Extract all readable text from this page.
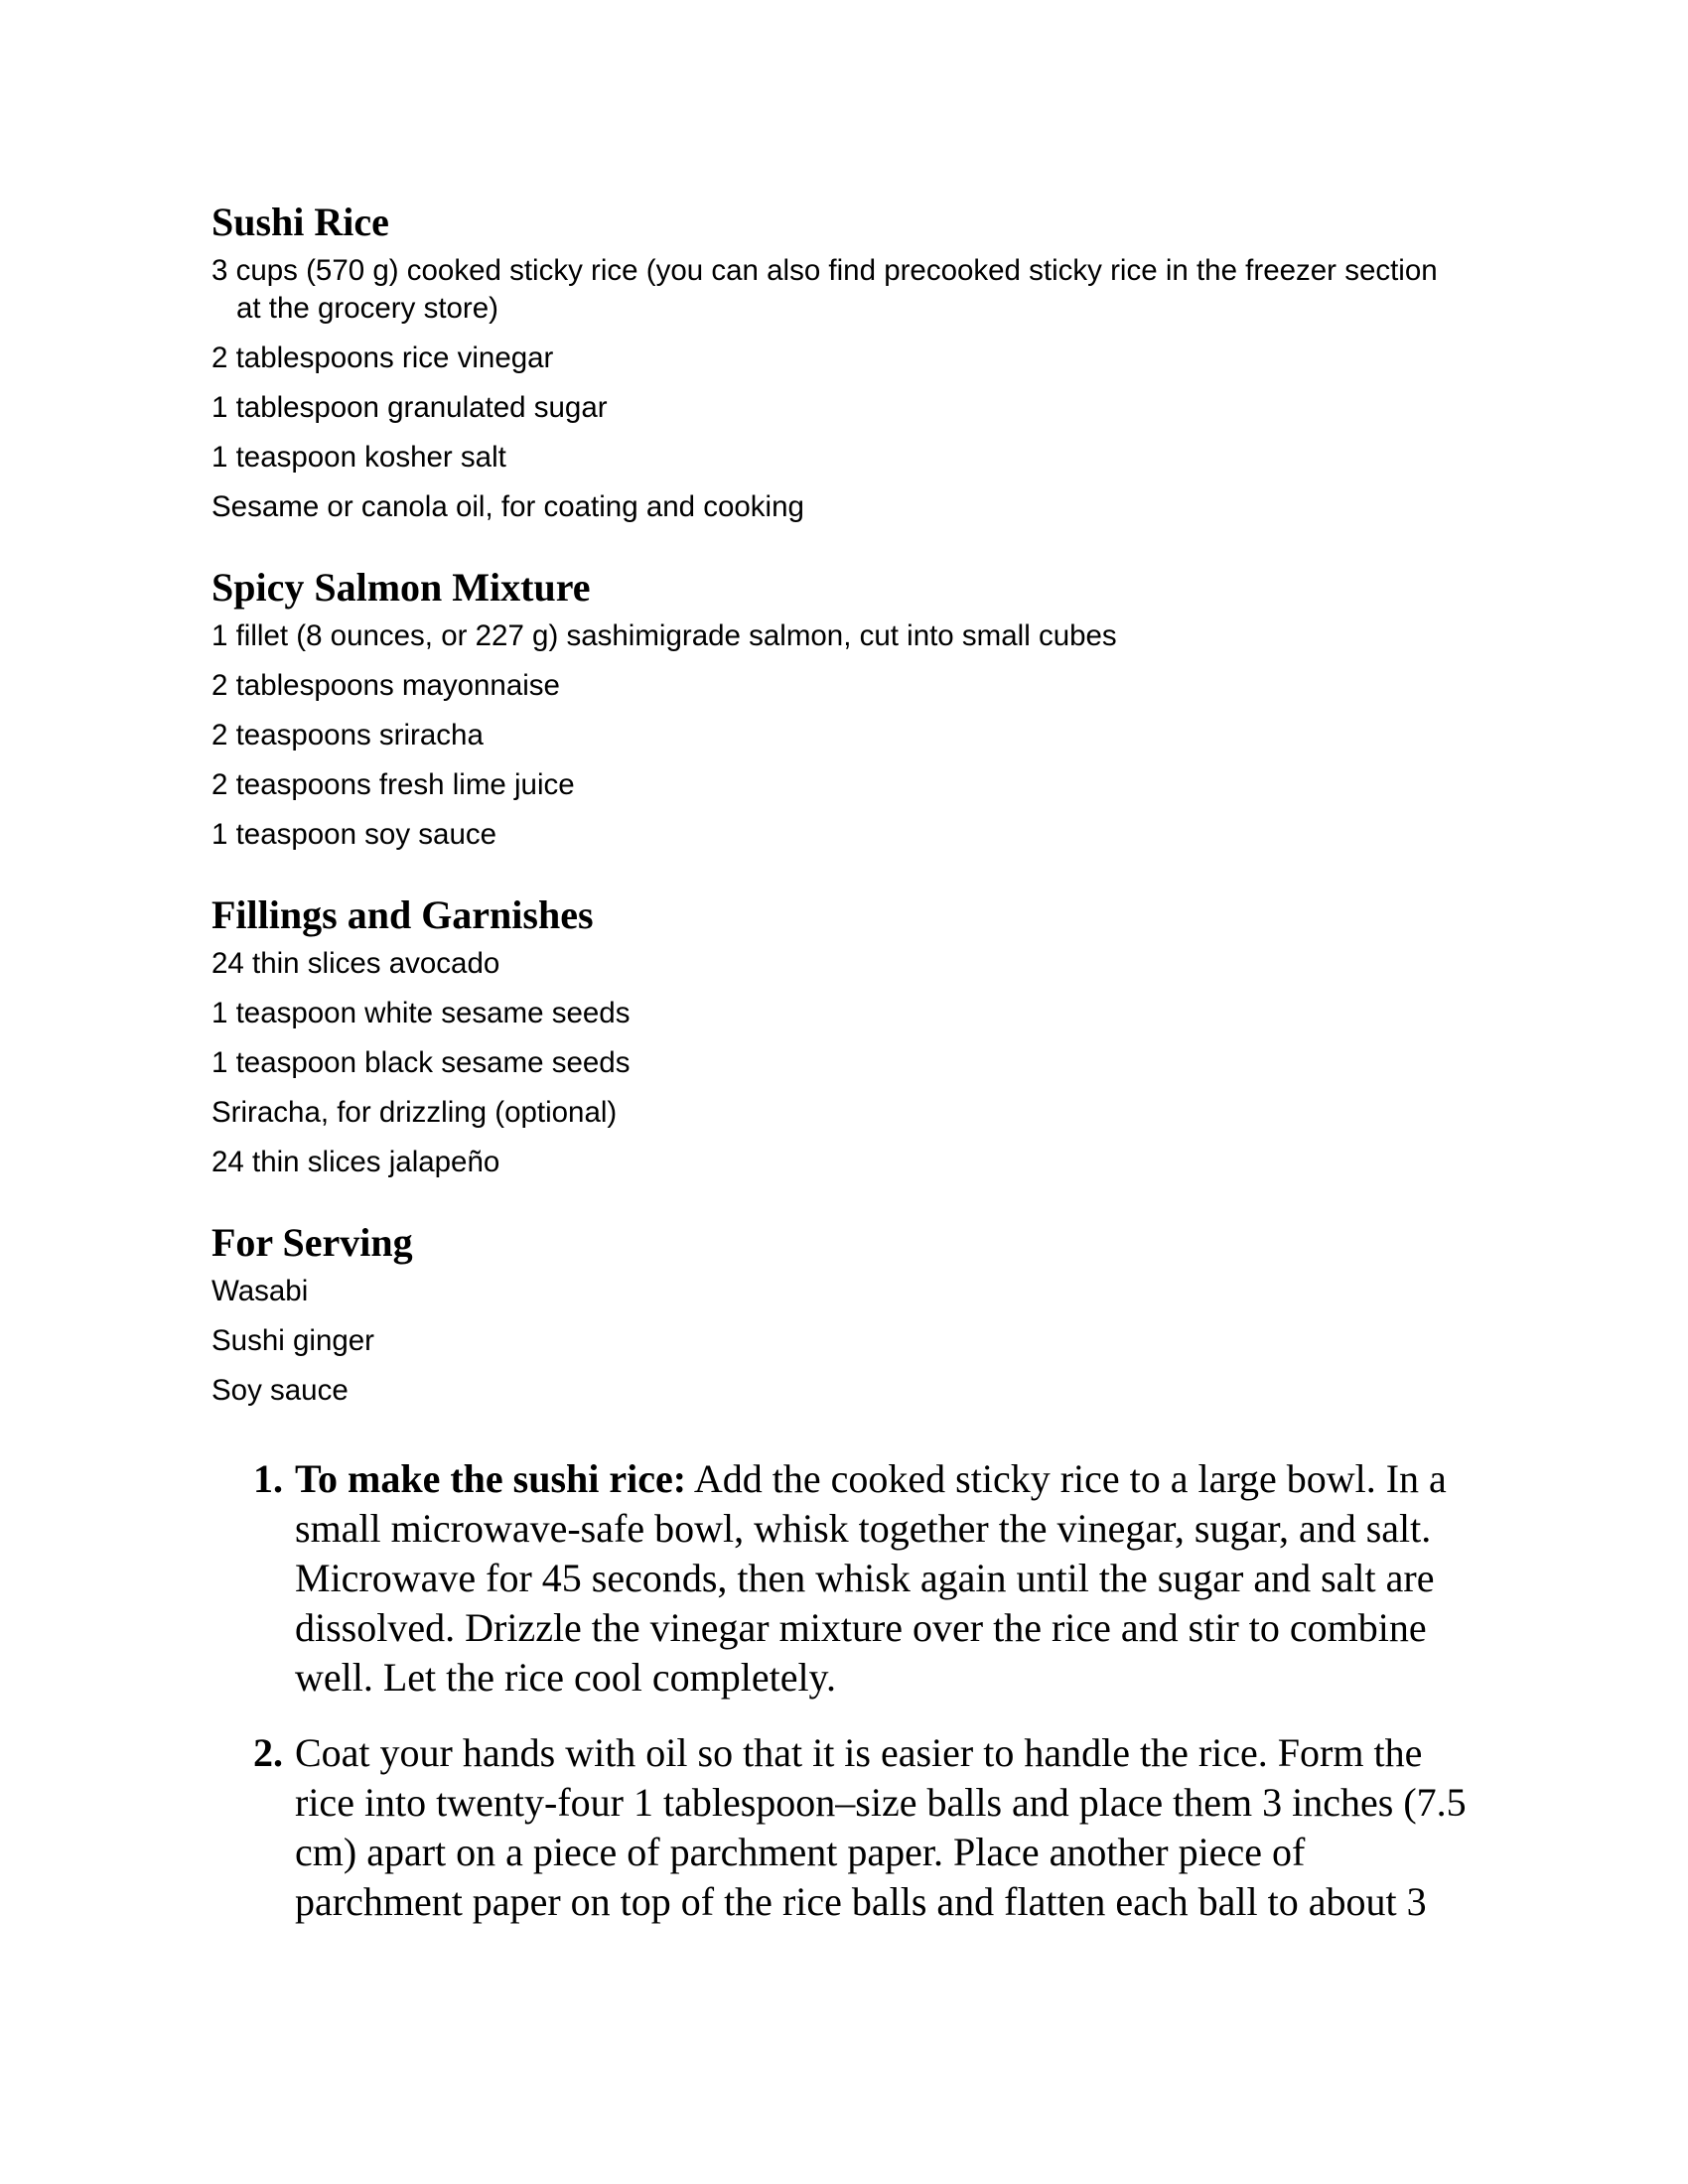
Sushi Rice

3 cups (570 g) cooked sticky rice (you can also find precooked sticky rice in the freezer section at the grocery store)

2 tablespoons rice vinegar

1 tablespoon granulated sugar

1 teaspoon kosher salt

Sesame or canola oil, for coating and cooking

Spicy Salmon Mixture

1 fillet (8 ounces, or 227 g) sashimigrade salmon, cut into small cubes

2 tablespoons mayonnaise

2 teaspoons sriracha

2 teaspoons fresh lime juice

1 teaspoon soy sauce

Fillings and Garnishes

24 thin slices avocado

1 teaspoon white sesame seeds

1 teaspoon black sesame seeds

Sriracha, for drizzling (optional)

24 thin slices jalapeño

For Serving

Wasabi

Sushi ginger

Soy sauce

1. To make the sushi rice: Add the cooked sticky rice to a large bowl. In a small microwave-safe bowl, whisk together the vinegar, sugar, and salt. Microwave for 45 seconds, then whisk again until the sugar and salt are dissolved. Drizzle the vinegar mixture over the rice and stir to combine well. Let the rice cool completely.
2. Coat your hands with oil so that it is easier to handle the rice. Form the rice into twenty-four 1 tablespoon–size balls and place them 3 inches (7.5 cm) apart on a piece of parchment paper. Place another piece of parchment paper on top of the rice balls and flatten each ball to about 3
